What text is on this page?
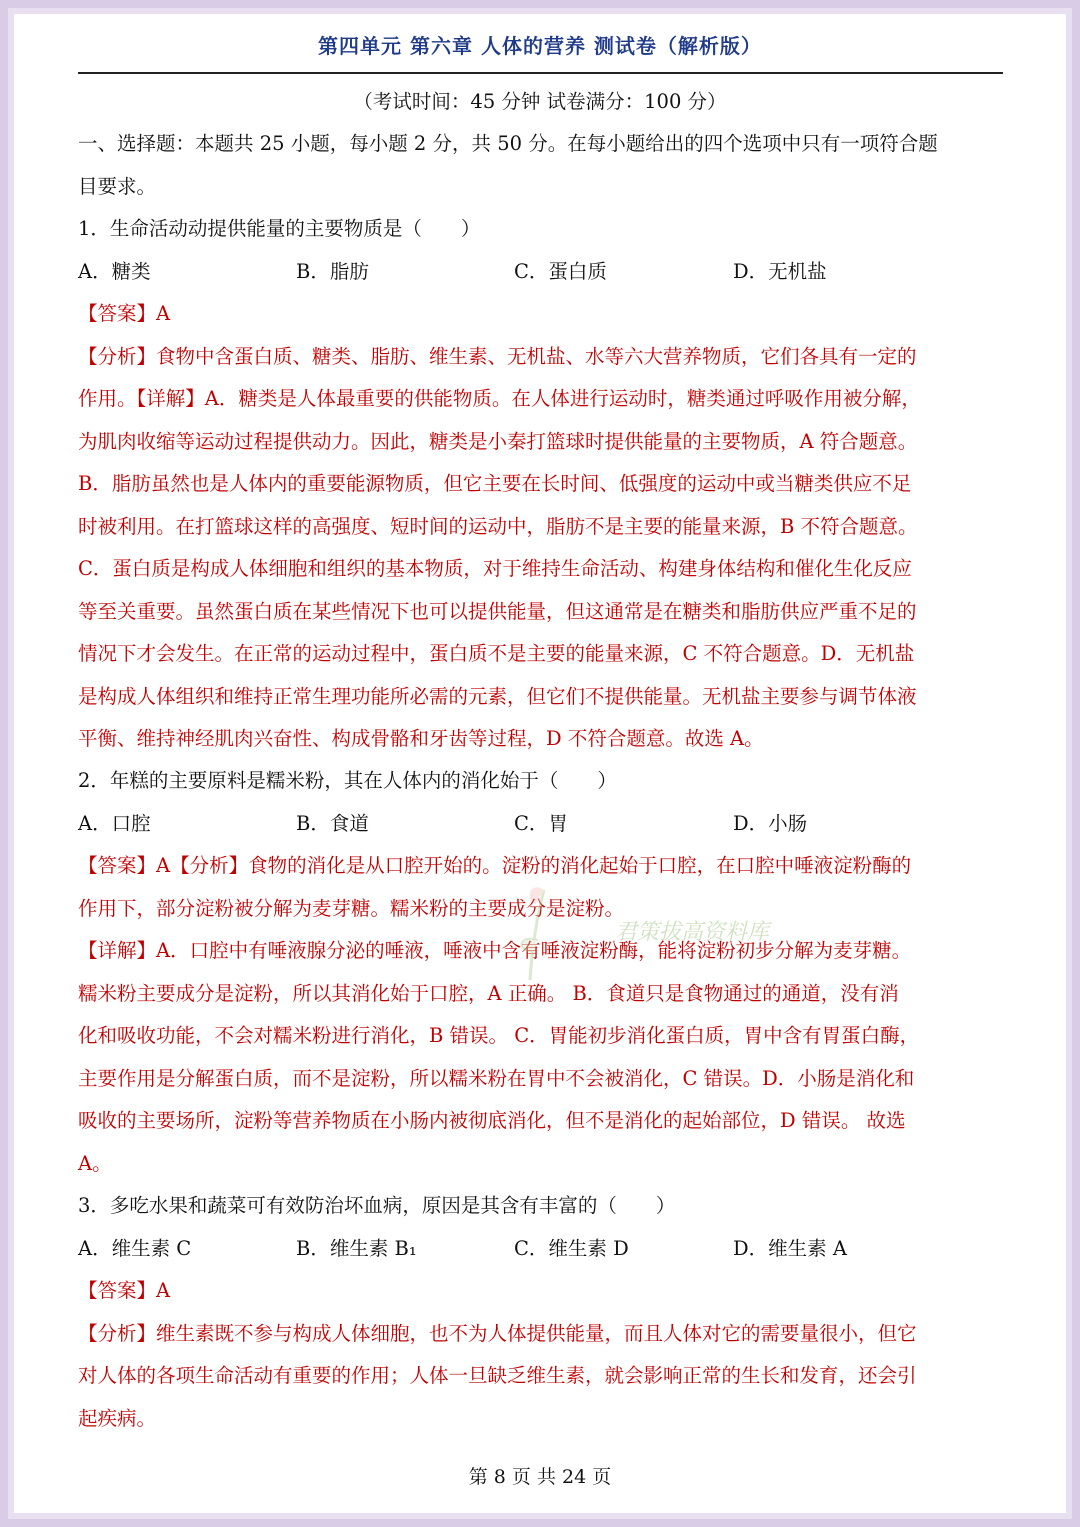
第四单元 第六章 人体的营养 测试卷（解析版）
（考试时间：45 分钟 试卷满分：100 分）
一、选择题：本题共 25 小题，每小题 2 分，共 50 分。在每小题给出的四个选项中只有一项符合题
目要求。
1．生命活动动提供能量的主要物质是（　　）
A．糖类	B．脂肪	C．蛋白质	D．无机盐
【答案】A
【分析】食物中含蛋白质、糖类、脂肪、维生素、无机盐、水等六大营养物质，它们各具有一定的
作用。【详解】A．糖类是人体最重要的供能物质。在人体进行运动时，糖类通过呼吸作用被分解，
为肌肉收缩等运动过程提供动力。因此，糖类是小秦打篮球时提供能量的主要物质，A 符合题意。
B．脂肪虽然也是人体内的重要能源物质，但它主要在长时间、低强度的运动中或当糖类供应不足
时被利用。在打篮球这样的高强度、短时间的运动中，脂肪不是主要的能量来源，B 不符合题意。
C．蛋白质是构成人体细胞和组织的基本物质，对于维持生命活动、构建身体结构和催化生化反应
等至关重要。虽然蛋白质在某些情况下也可以提供能量，但这通常是在糖类和脂肪供应严重不足的
情况下才会发生。在正常的运动过程中，蛋白质不是主要的能量来源，C 不符合题意。D．无机盐
是构成人体组织和维持正常生理功能所必需的元素，但它们不提供能量。无机盐主要参与调节体液
平衡、维持神经肌肉兴奋性、构成骨骼和牙齿等过程，D 不符合题意。故选 A。
2．年糕的主要原料是糯米粉，其在人体内的消化始于（　　）
A．口腔	B．食道	C．胃	D．小肠
【答案】A【分析】食物的消化是从口腔开始的。淀粉的消化起始于口腔，在口腔中唾液淀粉酶的
作用下，部分淀粉被分解为麦芽糖。糯米粉的主要成分是淀粉。
【详解】A．口腔中有唾液腺分泌的唾液，唾液中含有唾液淀粉酶，能将淀粉初步分解为麦芽糖。
糯米粉主要成分是淀粉，所以其消化始于口腔，A 正确。 B．食道只是食物通过的通道，没有消
化和吸收功能，不会对糯米粉进行消化，B 错误。 C．胃能初步消化蛋白质，胃中含有胃蛋白酶，
主要作用是分解蛋白质，而不是淀粉，所以糯米粉在胃中不会被消化，C 错误。D．小肠是消化和
吸收的主要场所，淀粉等营养物质在小肠内被彻底消化，但不是消化的起始部位，D 错误。 故选
A。
3．多吃水果和蔬菜可有效防治坏血病，原因是其含有丰富的（　　）
A．维生素 C	B．维生素 B₁	C．维生素 D	D．维生素 A
【答案】A
【分析】维生素既不参与构成人体细胞，也不为人体提供能量，而且人体对它的需要量很小，但它
对人体的各项生命活动有重要的作用；人体一旦缺乏维生素，就会影响正常的生长和发育，还会引
起疾病。
君策拔高资料库
第 8 页 共 24 页
